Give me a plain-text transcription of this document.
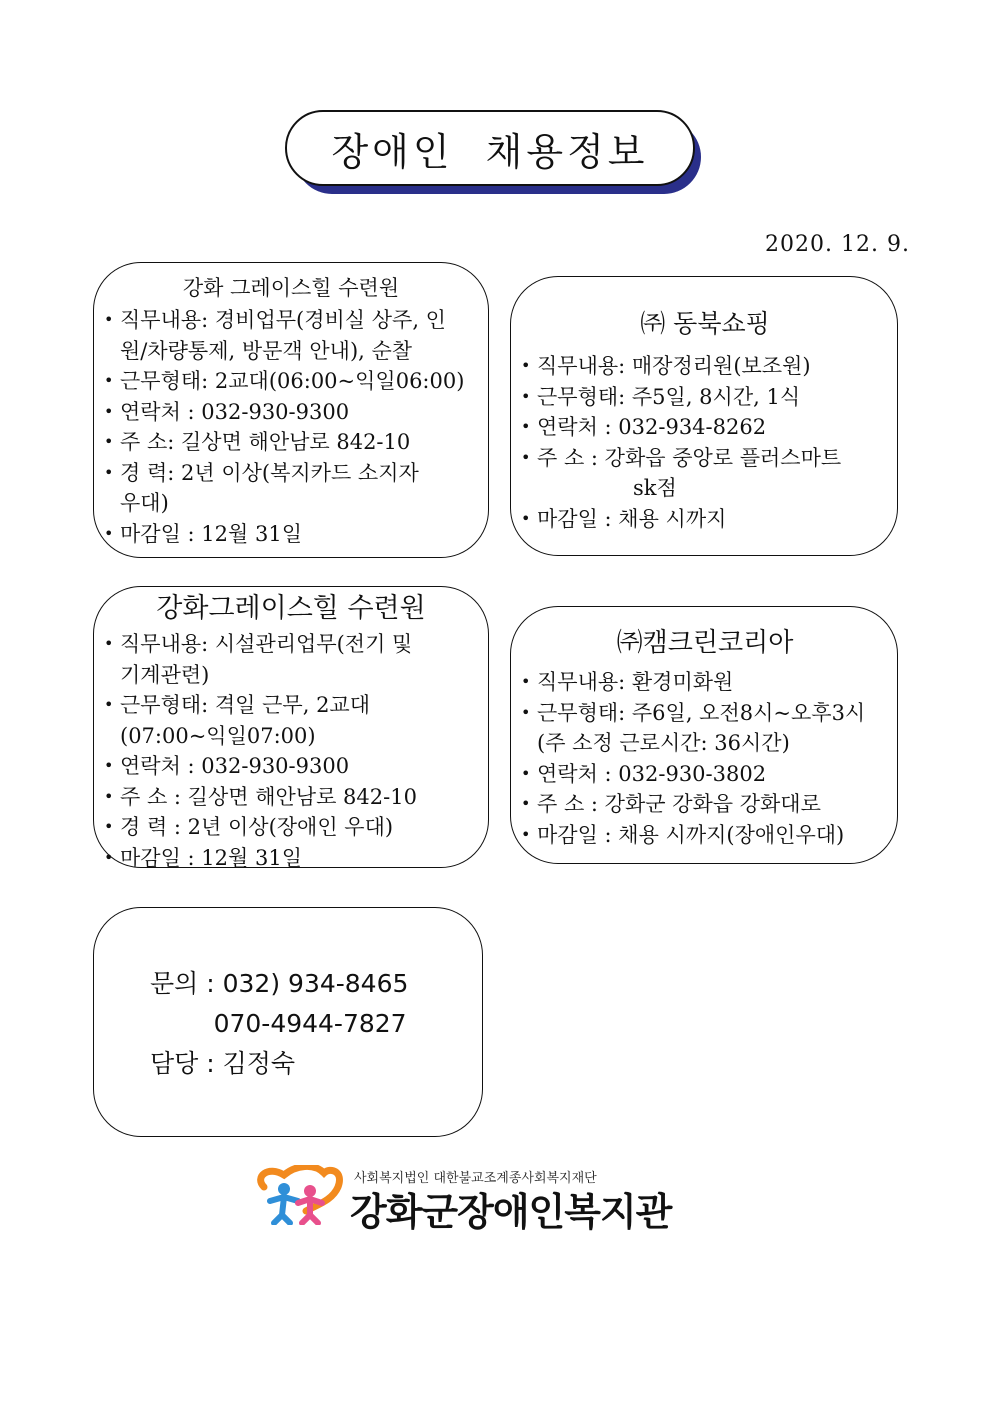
장애인 채용정보
2020. 12. 9.
강화 그레이스힐 수련원
• 직무내용: 경비업무(경비실 상주, 인
원/차량통제, 방문객 안내), 순찰
• 근무형태: 2교대(06:00~익일06:00)
• 연락처 : 032-930-9300
• 주 소: 길상면 해안남로 842-10
• 경 력: 2년 이상(복지카드 소지자
우대)
• 마감일 : 12월 31일
㈜ 동북쇼핑
• 직무내용: 매장정리원(보조원)
• 근무형태: 주5일, 8시간, 1식
• 연락처 : 032-934-8262
• 주 소 : 강화읍 중앙로 플러스마트
sk점
• 마감일 : 채용 시까지
강화그레이스힐 수련원
• 직무내용: 시설관리업무(전기 및
기계관련)
• 근무형태: 격일 근무, 2교대
(07:00~익일07:00)
• 연락처 : 032-930-9300
• 주 소 : 길상면 해안남로 842-10
• 경 력 : 2년 이상(장애인 우대)
• 마감일 : 12월 31일
㈜캠크린코리아
• 직무내용: 환경미화원
• 근무형태: 주6일, 오전8시~오후3시
(주 소정 근로시간: 36시간)
• 연락처 : 032-930-3802
• 주 소 : 강화군 강화읍 강화대로
• 마감일 : 채용 시까지(장애인우대)
문의 : 032) 934-8465
070-4944-7827
담당 : 김정숙
사회복지법인 대한불교조계종사회복지재단
강화군장애인복지관
